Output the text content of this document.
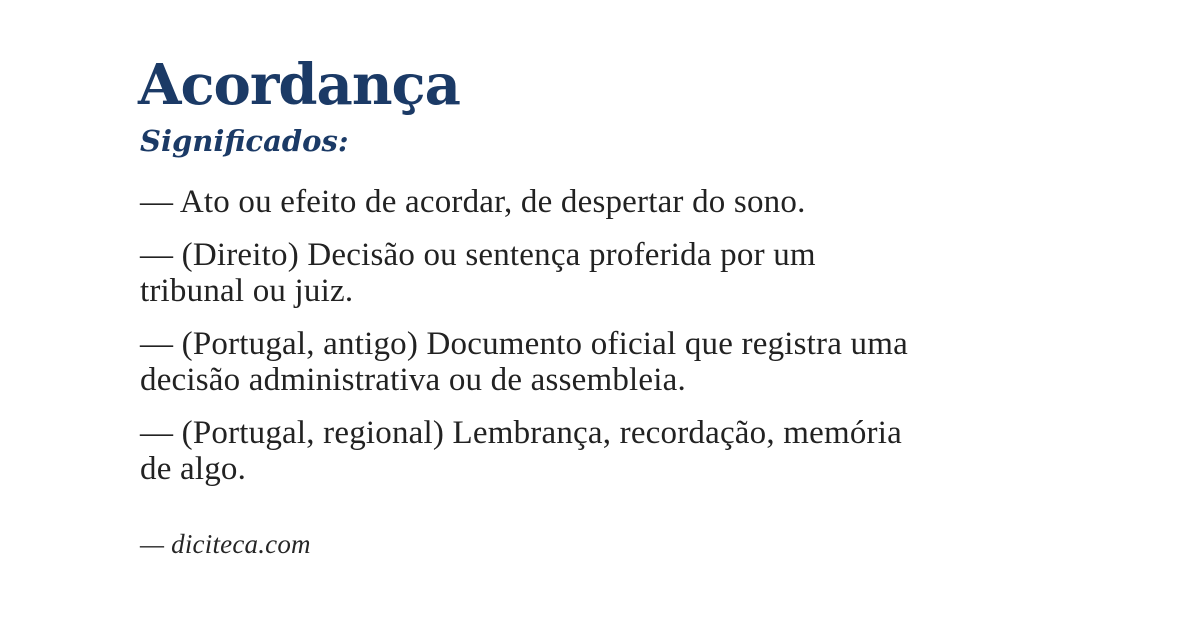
Acordança
Significados:

— Ato ou efeito de acordar, de despertar do sono.

— (Direito) Decisão ou sentença proferida por um
tribunal ou juiz.

— (Portugal, antigo) Documento oficial que registra uma
decisão administrativa ou de assembleia.

— (Portugal, regional) Lembrança, recordação, memória
de algo.

— diciteca.com
